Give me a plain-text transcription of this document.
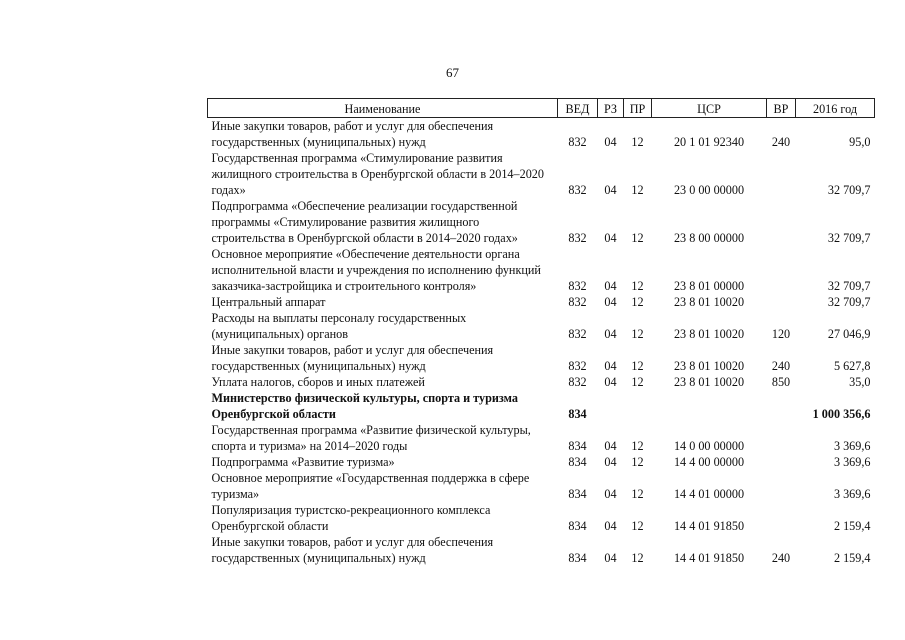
67
Наименование	ВЕД	РЗ	ПР	ЦСР	ВР	2016 год
Иные закупки товаров, работ и услуг для обеспечения государственных (муниципальных) нужд	832	04	12	20 1 01 92340	240	95,0
Государственная программа «Стимулирование развития жилищного строительства в Оренбургской области в 2014–2020 годах»	832	04	12	23 0 00 00000		32 709,7
Подпрограмма «Обеспечение реализации государственной программы «Стимулирование развития жилищного строительства в Оренбургской области в 2014–2020 годах»	832	04	12	23 8 00 00000		32 709,7
Основное мероприятие «Обеспечение деятельности органа исполнительной власти и учреждения по исполнению функций заказчика-застройщика и строительного контроля»	832	04	12	23 8 01 00000		32 709,7
Центральный аппарат	832	04	12	23 8 01 10020		32 709,7
Расходы на выплаты персоналу государственных (муниципальных) органов	832	04	12	23 8 01 10020	120	27 046,9
Иные закупки товаров, работ и услуг для обеспечения государственных (муниципальных) нужд	832	04	12	23 8 01 10020	240	5 627,8
Уплата налогов, сборов и иных платежей	832	04	12	23 8 01 10020	850	35,0
Министерство физической культуры, спорта и туризма Оренбургской области	834					1 000 356,6
Государственная программа «Развитие физической культуры, спорта и туризма» на 2014–2020 годы	834	04	12	14 0 00 00000		3 369,6
Подпрограмма «Развитие туризма»	834	04	12	14 4 00 00000		3 369,6
Основное мероприятие «Государственная поддержка в сфере туризма»	834	04	12	14 4 01 00000		3 369,6
Популяризация туристско-рекреационного комплекса Оренбургской области	834	04	12	14 4 01 91850		2 159,4
Иные закупки товаров, работ и услуг для обеспечения государственных (муниципальных) нужд	834	04	12	14 4 01 91850	240	2 159,4
